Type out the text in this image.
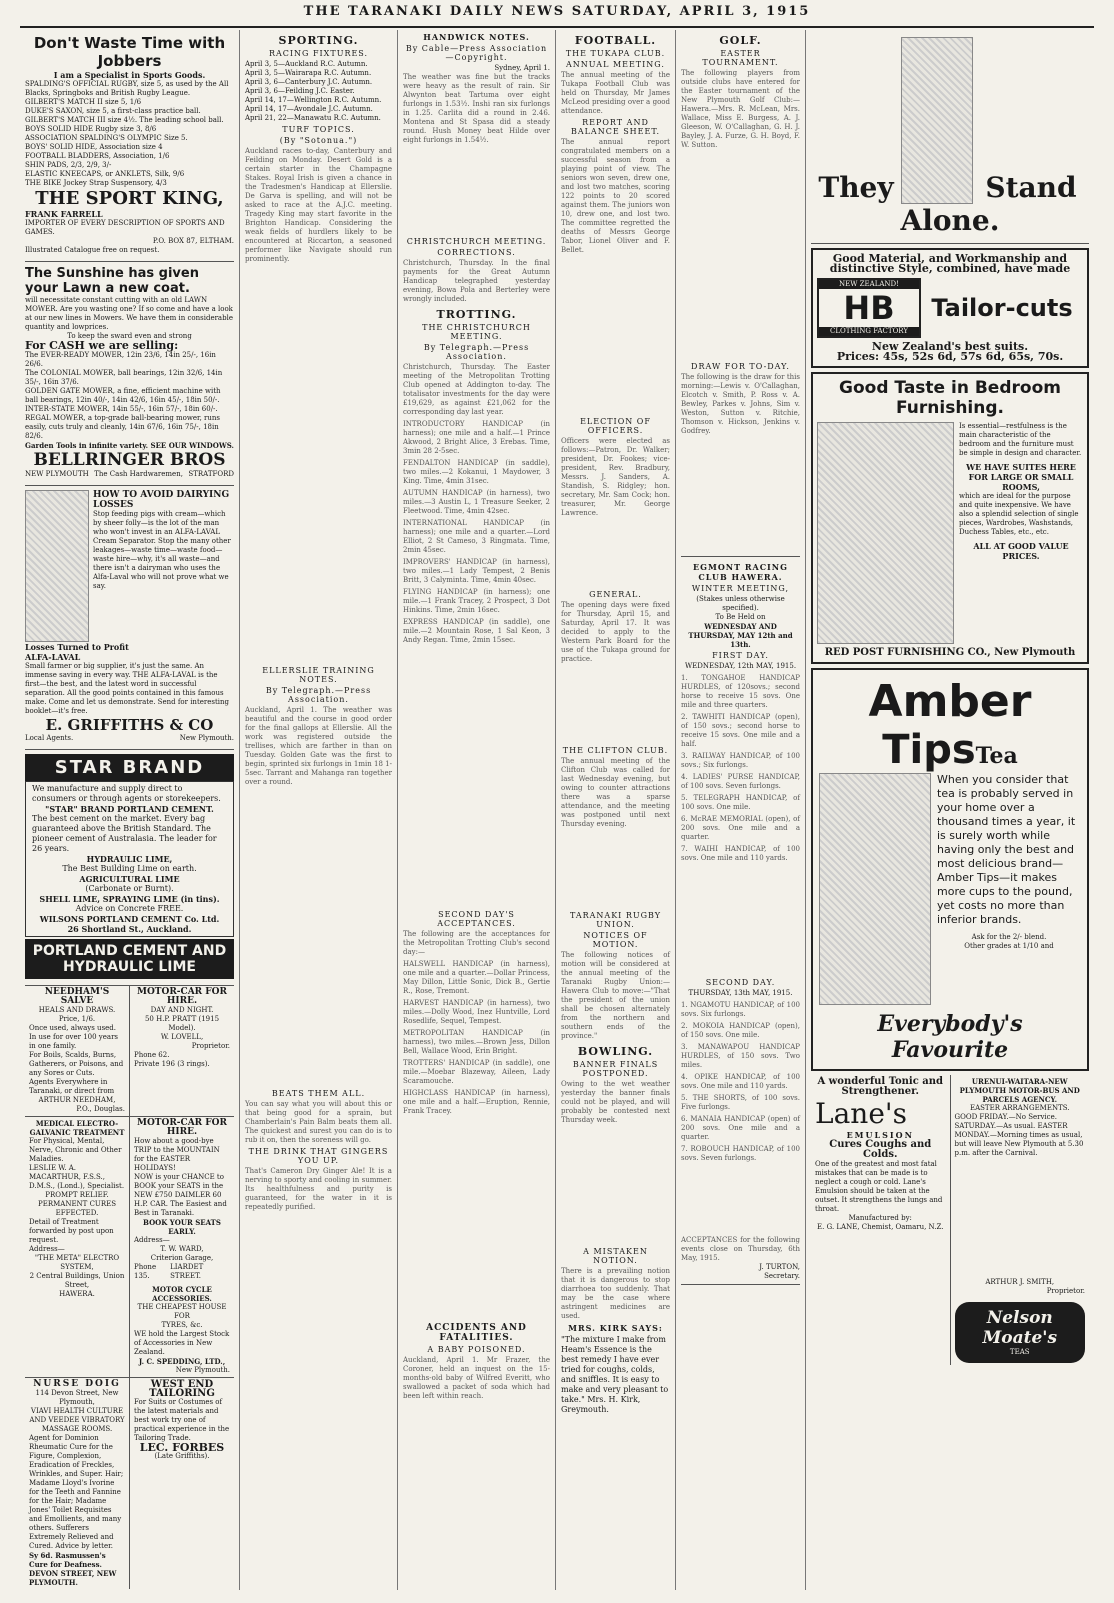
THE TARANAKI DAILY NEWS SATURDAY, APRIL 3, 1915
Don't Waste Time with Jobbers
I am a Specialist in Sports Goods.
SPALDING'S OFFICIAL RUGBY, size 5, as used by the All Blacks, Springboks and British Rugby League.
GILBERT'S MATCH II size 5, 1/6
DUKE'S SAXON, size 5, a first-class practice ball.
GILBERT'S MATCH III size 4½. The leading school ball.
BOYS SOLID HIDE Rugby size 3, 8/6
ASSOCIATION SPALDING'S OLYMPIC Size 5.
BOYS' SOLID HIDE, Association size 4
FOOTBALL BLADDERS, Association, 1/6
SHIN PADS, 2/3, 2/9, 3/-
ELASTIC KNEECAPS, or ANKLETS, Silk, 9/6
THE BIKE Jockey Strap Suspensory, 4/3
THE SPORT KING,
FRANK FARRELL
IMPORTER OF EVERY DESCRIPTION OF SPORTS AND GAMES.
P.O. BOX 87, ELTHAM.
Illustrated Catalogue free on request.
The Sunshine has given your Lawn a new coat.
will necessitate constant cutting with an old LAWN MOWER. Are you wasting one? If so come and have a look at our new lines in Mowers. We have them in considerable quantity and lowprices.
To keep the sward even and strong
For CASH we are selling:
The EVER-READY MOWER, 12in 23/6, 14in 25/-, 16in 26/6.
The COLONIAL MOWER, ball bearings, 12in 32/6, 14in 35/-, 16in 37/6.
GOLDEN GATE MOWER, a fine, efficient machine with ball bearings, 12in 40/-, 14in 42/6, 16in 45/-, 18in 50/-.
INTER-STATE MOWER, 14in 55/-, 16in 57/-, 18in 60/-.
REGAL MOWER, a top-grade ball-bearing mower, runs easily, cuts truly and cleanly, 14in 67/6, 16in 75/-, 18in 82/6.
Garden Tools in infinite variety. SEE OUR WINDOWS.
BELLRINGER BROS
NEW PLYMOUTH The Cash Hardwaremen, STRATFORD
HOW TO AVOID DAIRYING LOSSES
Stop feeding pigs with cream—which by sheer folly—is the lot of the man who won't invest in an ALFA-LAVAL Cream Separator. Stop the many other leakages—waste time—waste food—waste hire—why, it's all waste—and there isn't a dairyman who uses the Alfa-Laval who will not prove what we say.
Losses Turned to Profit
ALFA-LAVAL
Small farmer or big supplier, it's just the same. An immense saving in every way. THE ALFA-LAVAL is the first—the best, and the latest word in successful separation. All the good points contained in this famous make. Come and let us demonstrate. Send for interesting booklet—it's free.
E. GRIFFITHS & CO
Local Agents.	New Plymouth.
STAR BRAND
We manufacture and supply direct to consumers or through agents or storekeepers.
"STAR" BRAND PORTLAND CEMENT.
The best cement on the market. Every bag guaranteed above the British Standard. The pioneer cement of Australasia. The leader for 26 years.
HYDRAULIC LIME,
The Best Building Lime on earth.
AGRICULTURAL LIME
(Carbonate or Burnt).
SHELL LIME, SPRAYING LIME (in tins).
Advice on Concrete FREE.
WILSONS PORTLAND CEMENT Co. Ltd.
26 Shortland St., Auckland.
PORTLAND CEMENT AND HYDRAULIC LIME
NEEDHAM'S SALVE
HEALS AND DRAWS.
Price, 1/6.
Once used, always used. In use for over 100 years in one family.
For Boils, Scalds, Burns, Gatherers, or Poisons, and any Sores or Cuts.
Agents Everywhere in Taranaki, or direct from
ARTHUR NEEDHAM,
P.O., Douglas.
MOTOR-CAR FOR HIRE.
DAY AND NIGHT.
50 H.P. PRATT (1915 Model).
W. LOVELL,
Proprietor.
Phone 62.
Private 196 (3 rings).
MEDICAL ELECTRO-GALVANIC TREATMENT
For Physical, Mental, Nerve, Chronic and Other Maladies.
LESLIE W. A. MACARTHUR, F.S.S., D.M.S., (Lond.), Specialist.
PROMPT RELIEF.
PERMANENT CURES EFFECTED.
Detail of Treatment forwarded by post upon request.
Address—
"THE META" ELECTRO SYSTEM,
2 Central Buildings, Union Street,
HAWERA.
MOTOR-CAR FOR HIRE.
How about a good-bye TRIP to the MOUNTAIN for the EASTER HOLIDAYS!
NOW is your CHANCE to BOOK your SEATS in the NEW £750 DAIMLER 60 H.P. CAR. The Easiest and Best in Taranaki.
BOOK YOUR SEATS EARLY.
Address—
T. W. WARD,
Criterion Garage,
Phone 135.
LIARDET STREET.
MOTOR CYCLE ACCESSORIES.
THE CHEAPEST HOUSE FOR
TYRES, &c.
WE hold the Largest Stock of Accessories in New Zealand.
J. C. SPEDDING, LTD.,
New Plymouth.
NURSE DOIG
114 Devon Street, New Plymouth,
VIAVI HEALTH CULTURE AND VEEDEE VIBRATORY MASSAGE ROOMS.
Agent for Dominion Rheumatic Cure for the Figure, Complexion, Eradication of Freckles, Wrinkles, and Super. Hair; Madame Lloyd's Ivorine for the Teeth and Fannine for the Hair; Madame Jones' Toilet Requisites and Emollients, and many others. Sufferers Extremely Relieved and Cured. Advice by letter.
Sy 6d. Rasmussen's Cure for Deafness.
DEVON STREET, NEW PLYMOUTH.
WEST END TAILORING
For Suits or Costumes of the latest materials and best work try one of practical experience in the Tailoring Trade.
LEC. FORBES
(Late Griffiths).
SPORTING.
RACING FIXTURES.
April 3, 5—Auckland R.C. Autumn.
April 3, 5—Wairarapa R.C. Autumn.
April 3, 6—Canterbury J.C. Autumn.
April 3, 6—Feilding J.C. Easter.
April 14, 17—Wellington R.C. Autumn.
April 14, 17—Avondale J.C. Autumn.
April 21, 22—Manawatu R.C. Autumn.
TURF TOPICS.
(By "Sotonua.")
Auckland races to-day, Canterbury and Feilding on Monday. Desert Gold is a certain starter in the Champagne Stakes. Royal Irish is given a chance in the Tradesmen's Handicap at Ellerslie. De Garva is spelling, and will not be asked to race at the A.J.C. meeting. Tragedy King may start favorite in the Brighton Handicap. Considering the weak fields of hurdlers likely to be encountered at Riccarton, a seasoned performer like Navigate should run prominently.
ELLERSLIE TRAINING NOTES.
By Telegraph.—Press Association.
Auckland, April 1. The weather was beautiful and the course in good order for the final gallops at Ellerslie. All the work was registered outside the trellises, which are farther in than on Tuesday. Golden Gate was the first to begin, sprinted six furlongs in 1min 18 1-5sec. Tarrant and Mahanga ran together over a round.
BEATS THEM ALL.
You can say what you will about this or that being good for a sprain, but Chamberlain's Pain Balm beats them all. The quickest and surest you can do is to rub it on, then the soreness will go.
THE DRINK THAT GINGERS YOU UP.
That's Cameron Dry Ginger Ale! It is a nerving to sporty and cooling in summer. Its healthfulness and purity is guaranteed, for the water in it is repeatedly purified.
HANDWICK NOTES.
By Cable—Press Association—Copyright.
Sydney, April 1.
The weather was fine but the tracks were heavy as the result of rain. Sir Alwynton beat Tartuma over eight furlongs in 1.53½. Inshi ran six furlongs in 1.25. Carlita did a round in 2.46. Montena and St Spasa did a steady round. Hush Money beat Hilde over eight furlongs in 1.54½.
CHRISTCHURCH MEETING.
CORRECTIONS.
Christchurch, Thursday. In the final payments for the Great Autumn Handicap telegraphed yesterday evening, Bowa Pola and Berterley were wrongly included.
TROTTING.
THE CHRISTCHURCH MEETING.
By Telegraph.—Press Association.
Christchurch, Thursday. The Easter meeting of the Metropolitan Trotting Club opened at Addington to-day. The totalisator investments for the day were £19,629, as against £21,062 for the corresponding day last year.

INTRODUCTORY HANDICAP (in harness); one mile and a half.—1 Prince Akwood, 2 Bright Alice, 3 Erebas. Time, 3min 28 2-5sec.

FENDALTON HANDICAP (in saddle), two miles.—2 Kokanui, 1 Maydower, 3 King. Time, 4min 31sec.

AUTUMN HANDICAP (in harness), two miles.—3 Austin L, 1 Treasure Seeker, 2 Fleetwood. Time, 4min 42sec.

INTERNATIONAL HANDICAP (in harness); one mile and a quarter.—Lord Elliot, 2 St Cameso, 3 Ringmata. Time, 2min 45sec.

IMPROVERS' HANDICAP (in harness), two miles.—1 Lady Tempest, 2 Benis Britt, 3 Calyminta. Time, 4min 40sec.

FLYING HANDICAP (in harness); one mile.—1 Frank Tracey, 2 Prospect, 3 Dot Hinkins. Time, 2min 16sec.

EXPRESS HANDICAP (in saddle), one mile.—2 Mountain Rose, 1 Sal Keon, 3 Andy Regan. Time, 2min 15sec.

SECOND DAY'S ACCEPTANCES.
The following are the acceptances for the Metropolitan Trotting Club's second day:—

HALSWELL HANDICAP (in harness), one mile and a quarter.—Dollar Princess, May Dillon, Little Sonic, Dick B., Gertie R., Rose, Tremont.

HARVEST HANDICAP (in harness), two miles.—Dolly Wood, Inez Huntville, Lord Rosedlife, Sequel, Tempest.

METROPOLITAN HANDICAP (in harness), two miles.—Brown Jess, Dillon Bell, Wallace Wood, Erin Bright.

TROTTERS' HANDICAP (in saddle), one mile.—Moebar Blazeway, Aileen, Lady Scaramouche.

HIGHCLASS HANDICAP (in harness), one mile and a half.—Eruption, Rennie, Frank Tracey.

ACCIDENTS AND FATALITIES.
A BABY POISONED.
Auckland, April 1. Mr Frazer, the Coroner, held an inquest on the 15-months-old baby of Wilfred Everitt, who swallowed a packet of soda which had been left within reach.
FOOTBALL.
THE TUKAPA CLUB.
ANNUAL MEETING.
The annual meeting of the Tukapa Football Club was held on Thursday, Mr James McLeod presiding over a good attendance.
REPORT AND BALANCE SHEET.
The annual report congratulated members on a successful season from a playing point of view. The seniors won seven, drew one, and lost two matches, scoring 122 points to 20 scored against them. The juniors won 10, drew one, and lost two. The committee regretted the deaths of Messrs George Tabor, Lionel Oliver and F. Bellet.
ELECTION OF OFFICERS.
Officers were elected as follows:—Patron, Dr. Walker; president, Dr. Fookes; vice-president, Rev. Bradbury, Messrs. J. Sanders, A. Standish, S. Ridgley; hon. secretary, Mr. Sam Cock; hon. treasurer, Mr. George Lawrence.
GENERAL.
The opening days were fixed for Thursday, April 15, and Saturday, April 17. It was decided to apply to the Western Park Board for the use of the Tukapa ground for practice.
THE CLIFTON CLUB.
The annual meeting of the Clifton Club was called for last Wednesday evening, but owing to counter attractions there was a sparse attendance, and the meeting was postponed until next Thursday evening.
TARANAKI RUGBY UNION.
NOTICES OF MOTION.
The following notices of motion will be considered at the annual meeting of the Taranaki Rugby Union:—Hawera Club to move:—"That the president of the union shall be chosen alternately from the northern and southern ends of the province."
BOWLING.
BANNER FINALS POSTPONED.
Owing to the wet weather yesterday the banner finals could not be played, and will probably be contested next Thursday week.
A MISTAKEN NOTION.
There is a prevailing notion that it is dangerous to stop diarrhoea too suddenly. That may be the case where astringent medicines are used.
MRS. KIRK SAYS:
"The mixture I make from Heam's Essence is the best remedy I have ever tried for coughs, colds, and sniffles. It is easy to make and very pleasant to take." Mrs. H. Kirk, Greymouth.
GOLF.
EASTER TOURNAMENT.
The following players from outside clubs have entered for the Easter tournament of the New Plymouth Golf Club:—Hawera.—Mrs. R. McLean, Mrs. Wallace, Miss E. Burgess, A. J. Gleeson, W. O'Callaghan, G. H. J. Bayley, J. A. Furze, G. H. Boyd, F. W. Sutton.
DRAW FOR TO-DAY.
The following is the draw for this morning:—Lewis v. O'Callaghan, Elcotch v. Smith, P. Ross v. A. Bewley, Parkes v. Johns, Sim v. Weston, Sutton v. Ritchie, Thomson v. Hickson, Jenkins v. Godfrey.
EGMONT RACING CLUB HAWERA.
WINTER MEETING,
(Stakes unless otherwise specified).
To Be Held on
WEDNESDAY AND THURSDAY, MAY 12th and 13th.
FIRST DAY.
WEDNESDAY, 12th MAY, 1915.

1. TONGAHOE HANDICAP HURDLES, of 120sovs.; second horse to receive 15 sovs. One mile and three quarters.

2. TAWHITI HANDICAP (open), of 150 sovs.; second horse to receive 15 sovs. One mile and a half.

3. RAILWAY HANDICAP, of 100 sovs.; Six furlongs.

4. LADIES' PURSE HANDICAP, of 100 sovs. Seven furlongs.

5. TELEGRAPH HANDICAP, of 100 sovs. One mile.

6. McRAE MEMORIAL (open), of 200 sovs. One mile and a quarter.

7. WAIHI HANDICAP, of 100 sovs. One mile and 110 yards.

SECOND DAY.
THURSDAY, 13th MAY, 1915.

1. NGAMOTU HANDICAP, of 100 sovs. Six furlongs.

2. MOKOIA HANDICAP (open), of 150 sovs. One mile.

3. MANAWAPOU HANDICAP HURDLES, of 150 sovs. Two miles.

4. OPIKE HANDICAP, of 100 sovs. One mile and 110 yards.

5. THE SHORTS, of 100 sovs. Five furlongs.

6. MANAIA HANDICAP (open) of 200 sovs. One mile and a quarter.

7. ROBOUCH HANDICAP, of 100 sovs. Seven furlongs.

ACCEPTANCES for the following events close on Thursday, 6th May, 1915.
J. TURTON,
Secretary.
They	Stand
Alone.
Good Material, and Workmanship and distinctive Style, combined, have made
NEW ZEALAND!
HB
CLOTHING FACTORY
Tailor-cuts
New Zealand's best suits.
Prices: 45s, 52s 6d, 57s 6d, 65s, 70s.
Good Taste in Bedroom Furnishing.
Is essential—restfulness is the main characteristic of the bedroom and the furniture must be simple in design and character.
WE HAVE SUITES HERE FOR LARGE OR SMALL ROOMS,
which are ideal for the purpose and quite inexpensive. We have also a splendid selection of single pieces, Wardrobes, Washstands, Duchess Tables, etc., etc.
ALL AT GOOD VALUE PRICES.
RED POST FURNISHING CO., New Plymouth
Amber
Tips Tea
When you consider that tea is probably served in your home over a thousand times a year, it is surely worth while having only the best and most delicious brand—Amber Tips—it makes more cups to the pound, yet costs no more than inferior brands.
Ask for the 2/- blend.
Other grades at 1/10 and
Everybody's Favourite
A wonderful Tonic and Strengthener.
Lane's
EMULSION
Cures Coughs and Colds.
One of the greatest and most fatal mistakes that can be made is to neglect a cough or cold. Lane's Emulsion should be taken at the outset. It strengthens the lungs and throat.
Manufactured by:
E. G. LANE, Chemist, Oamaru, N.Z.
URENUI-WAITARA-NEW PLYMOUTH MOTOR-BUS AND PARCELS AGENCY.
EASTER ARRANGEMENTS.
GOOD FRIDAY.—No Service. SATURDAY.—As usual. EASTER MONDAY.—Morning times as usual, but will leave New Plymouth at 5.30 p.m. after the Carnival.
ARTHUR J. SMITH,
Proprietor.
Nelson Moate's
TEAS
